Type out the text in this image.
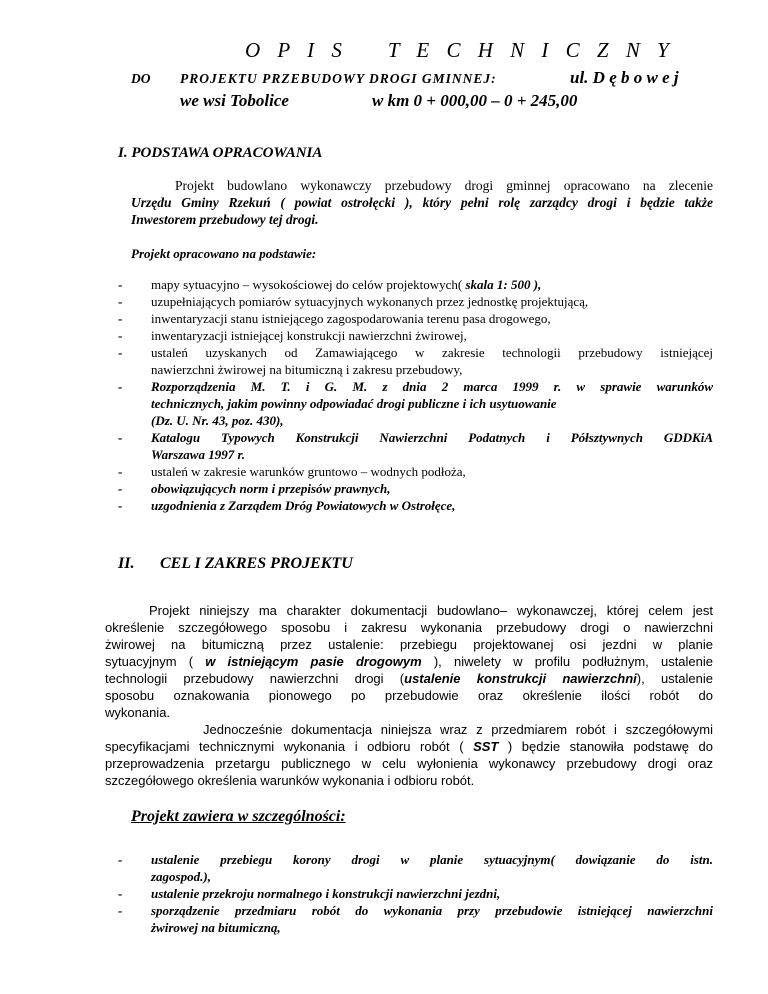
O P I S T E C H N I C Z N Y
DO PROJEKTU PRZEBUDOWY DROGI GMINNEJ:	ul. D ę b o w e j
we wsi Tobolice	w km 0 + 000,00 – 0 + 245,00
I. PODSTAWA OPRACOWANIA
Projekt budowlano wykonawczy przebudowy drogi gminnej opracowano na zlecenie
Urzędu Gminy Rzekuń ( powiat ostrołęcki ), który pełni rolę zarządcy drogi i będzie także
Inwestorem przebudowy tej drogi.
Projekt opracowano na podstawie:
- mapy sytuacyjno – wysokościowej do celów projektowych( skala 1: 500 ),
- uzupełniających pomiarów sytuacyjnych wykonanych przez jednostkę projektującą,
- inwentaryzacji stanu istniejącego zagospodarowania terenu pasa drogowego,
- inwentaryzacji istniejącej konstrukcji nawierzchni żwirowej,
- ustaleń uzyskanych od Zamawiającego w zakresie technologii przebudowy istniejącej
nawierzchni żwirowej na bitumiczną i zakresu przebudowy,
- Rozporządzenia M. T. i G. M. z dnia 2 marca 1999 r. w sprawie warunków
technicznych, jakim powinny odpowiadać drogi publiczne i ich usytuowanie
(Dz. U. Nr. 43, poz. 430),
- Katalogu Typowych Konstrukcji Nawierzchni Podatnych i Półsztywnych GDDKiA
Warszawa 1997 r.
- ustaleń w zakresie warunków gruntowo – wodnych podłoża,
- obowiązujących norm i przepisów prawnych,
- uzgodnienia z Zarządem Dróg Powiatowych w Ostrołęce,
II. CEL I ZAKRES PROJEKTU
Projekt niniejszy ma charakter dokumentacji budowlano– wykonawczej, której celem jest
określenie szczegółowego sposobu i zakresu wykonania przebudowy drogi o nawierzchni
żwirowej na bitumiczną przez ustalenie: przebiegu projektowanej osi jezdni w planie
sytuacyjnym ( w istniejącym pasie drogowym ), niwelety w profilu podłużnym, ustalenie
technologii przebudowy nawierzchni drogi (ustalenie konstrukcji nawierzchni), ustalenie
sposobu oznakowania pionowego po przebudowie oraz określenie ilości robót do
wykonania.
Jednocześnie dokumentacja niniejsza wraz z przedmiarem robót i szczegółowymi
specyfikacjami technicznymi wykonania i odbioru robót ( SST ) będzie stanowiła podstawę do
przeprowadzenia przetargu publicznego w celu wyłonienia wykonawcy przebudowy drogi oraz
szczegółowego określenia warunków wykonania i odbioru robót.
Projekt zawiera w szczególności:
- ustalenie przebiegu korony drogi w planie sytuacyjnym( dowiązanie do istn.
zagospod.),
- ustalenie przekroju normalnego i konstrukcji nawierzchni jezdni,
- sporządzenie przedmiaru robót do wykonania przy przebudowie istniejącej nawierzchni
żwirowej na bitumiczną,
